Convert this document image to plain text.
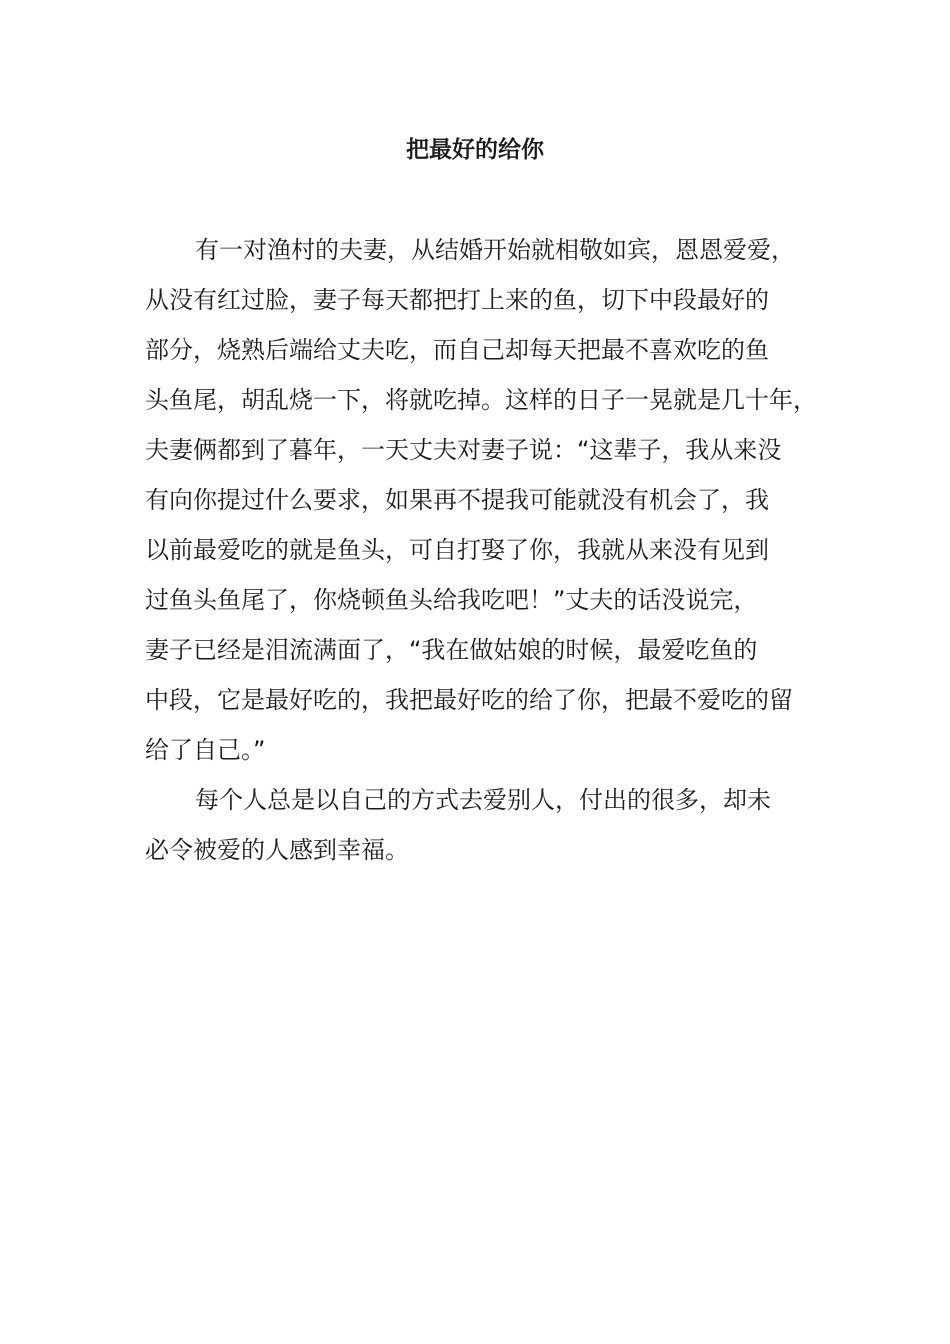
把最好的给你
有一对渔村的夫妻，从结婚开始就相敬如宾，恩恩爱爱，
从没有红过脸，妻子每天都把打上来的鱼，切下中段最好的
部分，烧熟后端给丈夫吃，而自己却每天把最不喜欢吃的鱼
头鱼尾，胡乱烧一下，将就吃掉。这样的日子一晃就是几十年，
夫妻俩都到了暮年，一天丈夫对妻子说：“这辈子，我从来没
有向你提过什么要求，如果再不提我可能就没有机会了，我
以前最爱吃的就是鱼头，可自打娶了你，我就从来没有见到
过鱼头鱼尾了，你烧顿鱼头给我吃吧！”丈夫的话没说完，
妻子已经是泪流满面了，“我在做姑娘的时候，最爱吃鱼的
中段，它是最好吃的，我把最好吃的给了你，把最不爱吃的留
给了自己。”
每个人总是以自己的方式去爱别人，付出的很多，却未
必令被爱的人感到幸福。
